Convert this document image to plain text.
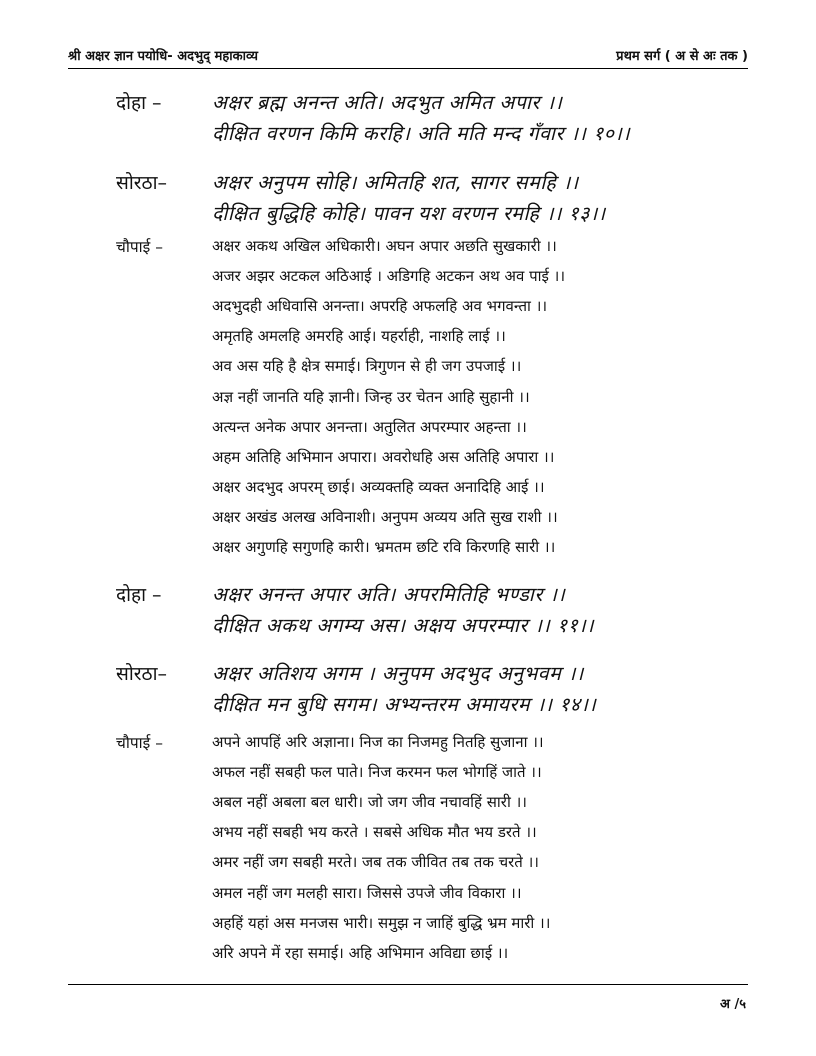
श्री अक्षर ज्ञान पयोधि- अदभुद् महाकाव्य	प्रथम सर्ग ( अ से अः तक )
दोहा –	अक्षर ब्रह्म अनन्त अति। अदभुत अमित अपार ।।
दीक्षित वरणन किमि करहि। अति मति मन्द गँवार ।। १०।।
सोरठा–	अक्षर अनुपम सोहि। अमितहि शत, सागर समहि ।।
दीक्षित बुद्धिहि कोहि। पावन यश वरणन रमहि ।। १३।।
चौपाई –	अक्षर अकथ अखिल अधिकारी। अघन अपार अछति सुखकारी ।।
अजर अझर अटकल अठिआई । अडिगहि अटकन अथ अव पाई ।।
अदभुदही अधिवासि अनन्ता। अपरहि अफलहि अव भगवन्ता ।।
अमृतहि अमलहि अमरहि आई। यहर्राही, नाशहि लाई ।।
अव अस यहि है क्षेत्र समाई। त्रिगुणन से ही जग उपजाई ।।
अज्ञ नहीं जानति यहि ज्ञानी। जिन्ह उर चेतन आहि सुहानी ।।
अत्यन्त अनेक अपार अनन्ता। अतुलित अपरम्पार अहन्ता ।।
अहम अतिहि अभिमान अपारा। अवरोधहि अस अतिहि अपारा ।।
अक्षर अदभुद अपरम् छाई। अव्यक्तहि व्यक्त अनादिहि आई ।।
अक्षर अखंड अलख अविनाशी। अनुपम अव्यय अति सुख राशी ।।
अक्षर अगुणहि सगुणहि कारी। भ्रमतम छटि रवि किरणहि सारी ।।
दोहा –	अक्षर अनन्त अपार अति। अपरमितिहि भण्डार ।।
दीक्षित अकथ अगम्य अस। अक्षय अपरम्पार ।। ११।।
सोरठा–	अक्षर अतिशय अगम । अनुपम अदभुद अनुभवम ।।
दीक्षित मन बुधि सगम। अभ्यन्तरम अमायरम ।। १४।।
चौपाई –	अपने आपहिं अरि अज्ञाना। निज का निजमहु नितहि सुजाना ।।
अफल नहीं सबही फल पाते। निज करमन फल भोगहिं जाते ।।
अबल नहीं अबला बल धारी। जो जग जीव नचावहिं सारी ।।
अभय नहीं सबही भय करते । सबसे अधिक मौत भय डरते ।।
अमर नहीं जग सबही मरते। जब तक जीवित तब तक चरते ।।
अमल नहीं जग मलही सारा। जिससे उपजे जीव विकारा ।।
अहहिं यहां अस मनजस भारी। समुझ न जाहिं बुद्धि भ्रम मारी ।।
अरि अपने में रहा समाई। अहि अभिमान अविद्या छाई ।।
अ /५
